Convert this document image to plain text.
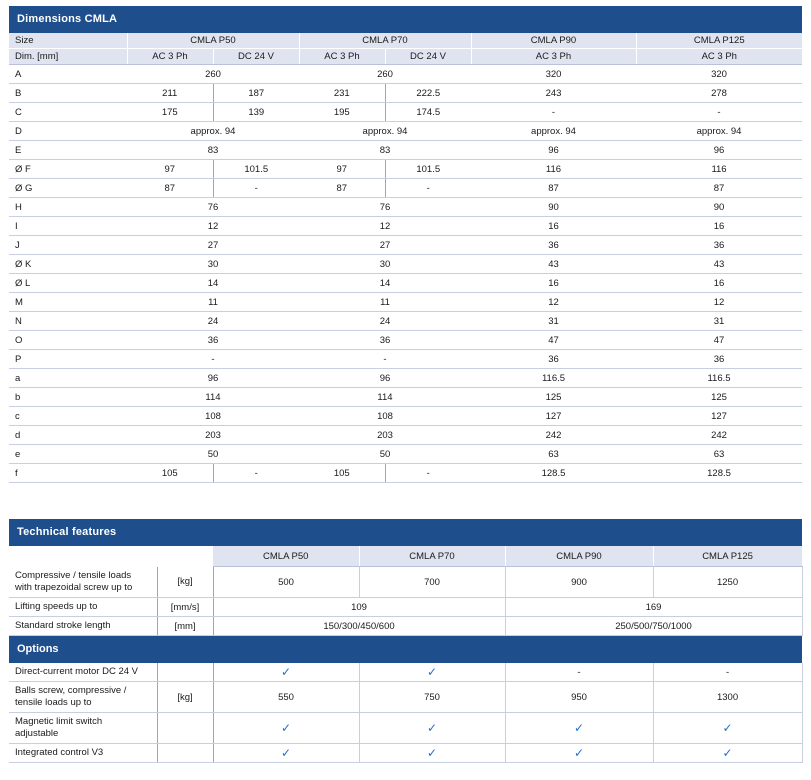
Dimensions CMLA						
Size	CMLA P50		CMLA P70		CMLA P90	CMLA P125
Dim. [mm]	AC 3 Ph	DC 24 V	AC 3 Ph	DC 24 V	AC 3 Ph	AC 3 Ph
A	260		260		320	320
B	211	187	231	222.5	243	278
C	175	139	195	174.5	-	-
D	approx. 94		approx. 94		approx. 94	approx. 94
E	83		83		96	96
Ø F	97	101.5	97	101.5	116	116
Ø G	87	-	87	-	87	87
H	76		76		90	90
I	12		12		16	16
J	27		27		36	36
Ø K	30		30		43	43
Ø L	14		14		16	16
M	11		11		12	12
N	24		24		31	31
O	36		36		47	47
P	-		-		36	36
a	96		96		116.5	116.5
b	114		114		125	125
c	108		108		127	127
d	203		203		242	242
e	50		50		63	63
f	105	-	105	-	128.5	128.5
Technical features					
		CMLA P50	CMLA P70	CMLA P90	CMLA P125

Compressive / tensile loads
with trapezoidal screw up to	[kg]	500	700	900	1250

Lifting speeds up to	[mm/s]	109		169	

Standard stroke length	[mm]	150/300/450/600		250/500/750/1000	
Options					

Direct-current motor DC 24 V		✓	✓	-	-

Balls screw, compressive /
tensile loads up to	[kg]	550	750	950	1300

Magnetic limit switch
adjustable		✓	✓	✓	✓

Integrated control V3		✓	✓	✓	✓
